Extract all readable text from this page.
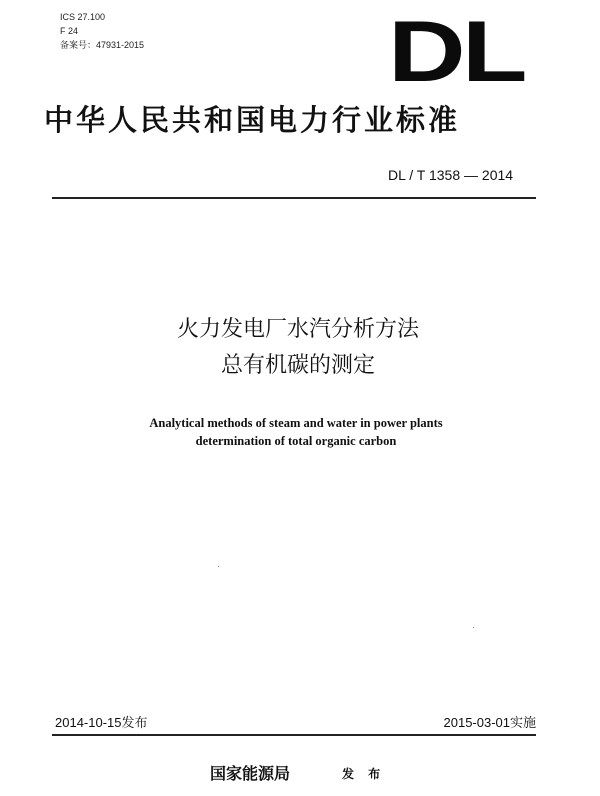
ICS 27.100
F 24
备案号：47931-2015	DL
中华人民共和国电力行业标准
DL / T 1358 — 2014
火力发电厂水汽分析方法
总有机碳的测定
Analytical methods of steam and water in power plants
determination of total organic carbon
2014-10-15发布	2015-03-01实施
国家能源局	发 布
